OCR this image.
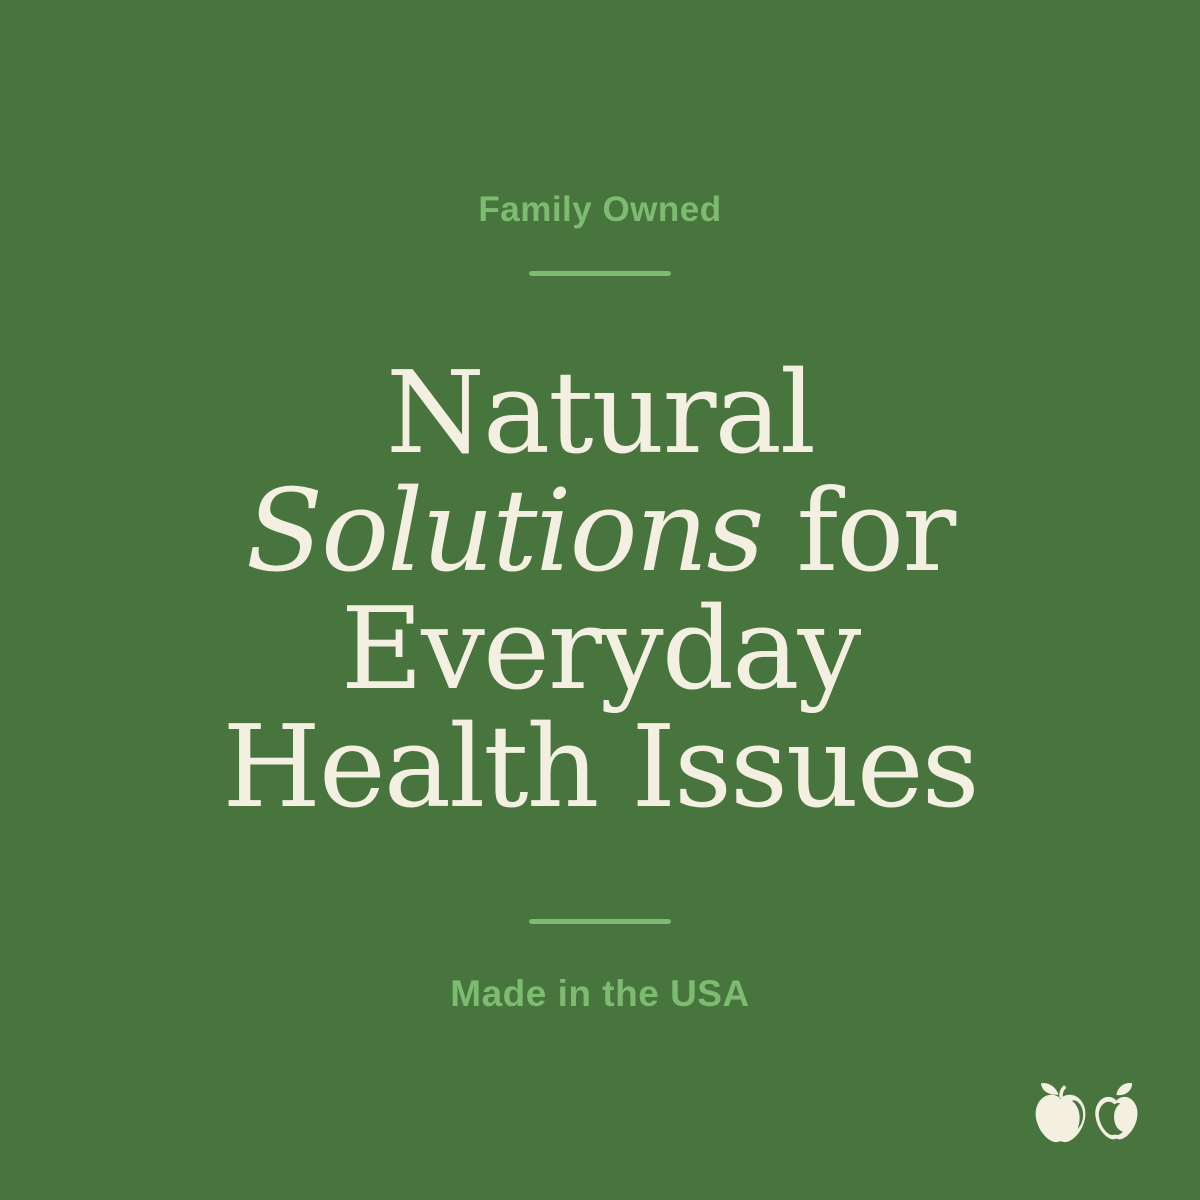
Family Owned
Natural
Solutions for
Everyday
Health Issues
Made in the USA
